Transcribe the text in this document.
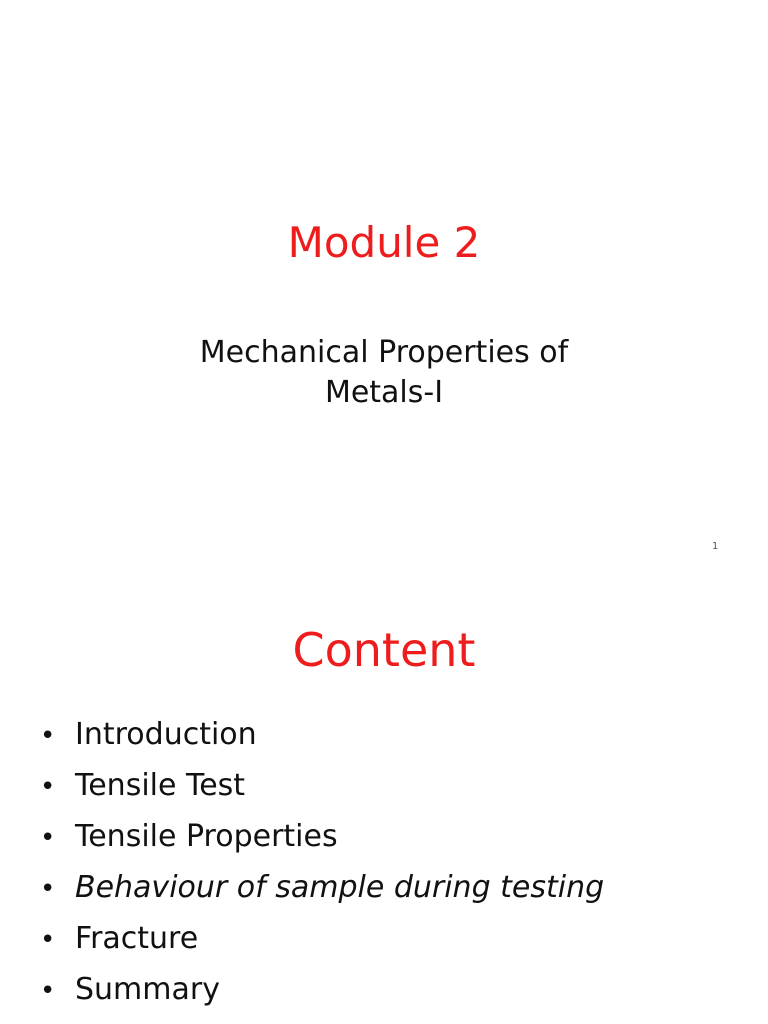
Module 2
Mechanical Properties of
Metals-I
1
Content
• Introduction
• Tensile Test
• Tensile Properties
• Behaviour of sample during testing
• Fracture
• Summary
